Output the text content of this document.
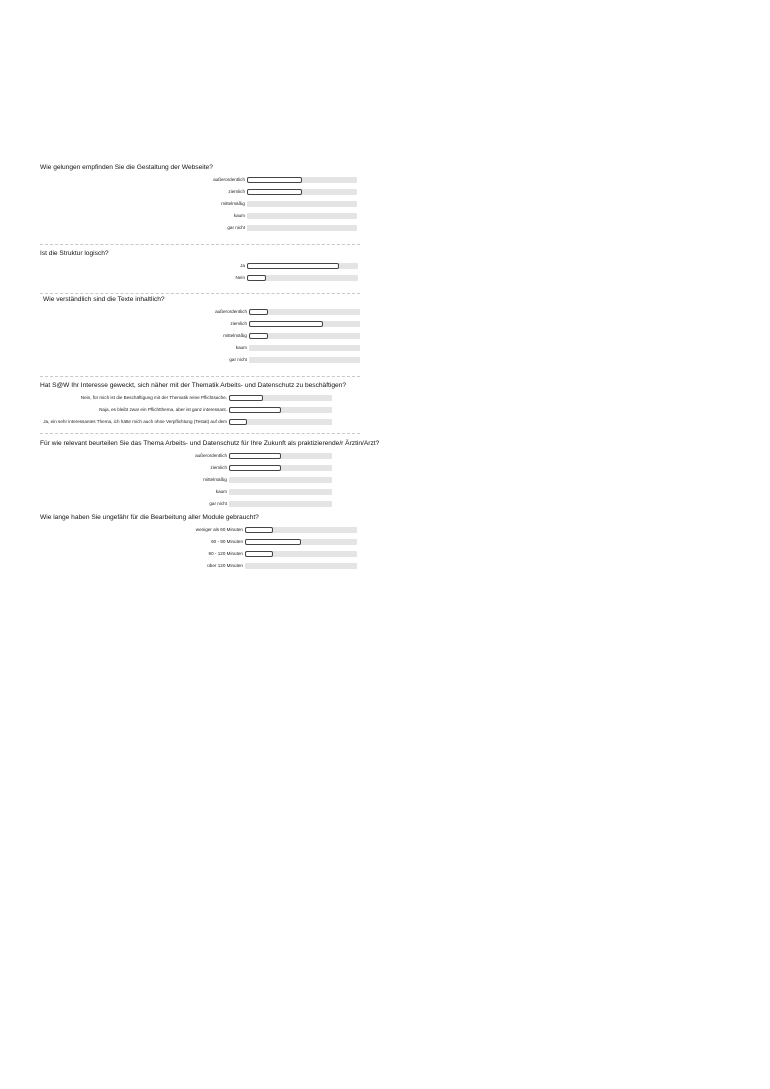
Wie gelungen empfinden Sie die Gestaltung der Webseite?
außerordentlich
ziemlich
mittelmäßig
kaum
gar nicht
Ist die Struktur logisch?
Ja
Nein
Wie verständlich sind die Texte inhaltlich?
außerordentlich
ziemlich
mittelmäßig
kaum
gar nicht
Hat S@W Ihr Interesse geweckt, sich näher mit der Thematik Arbeits- und Datenschutz zu beschäftigen?
Nein, für mich ist die Beschäftigung mit der Thematik reine Pflichtsache.
Naja, es bleibt zwar ein Pflichtthema, aber ist ganz interessant.
Ja, ein sehr interessantes Thema, ich hätte mich auch ohne Verpflichtung (Testat) auf dem
Für wie relevant beurteilen Sie das Thema Arbeits- und Datenschutz für Ihre Zukunft als praktizierende/r Ärztin/Arzt?
außerordentlich
ziemlich
mittelmäßig
kaum
gar nicht
Wie lange haben Sie ungefähr für die Bearbeitung aller Module gebraucht?
weniger als 60 Minuten
60 - 90 Minuten
90 - 120 Minuten
über 120 Minuten
